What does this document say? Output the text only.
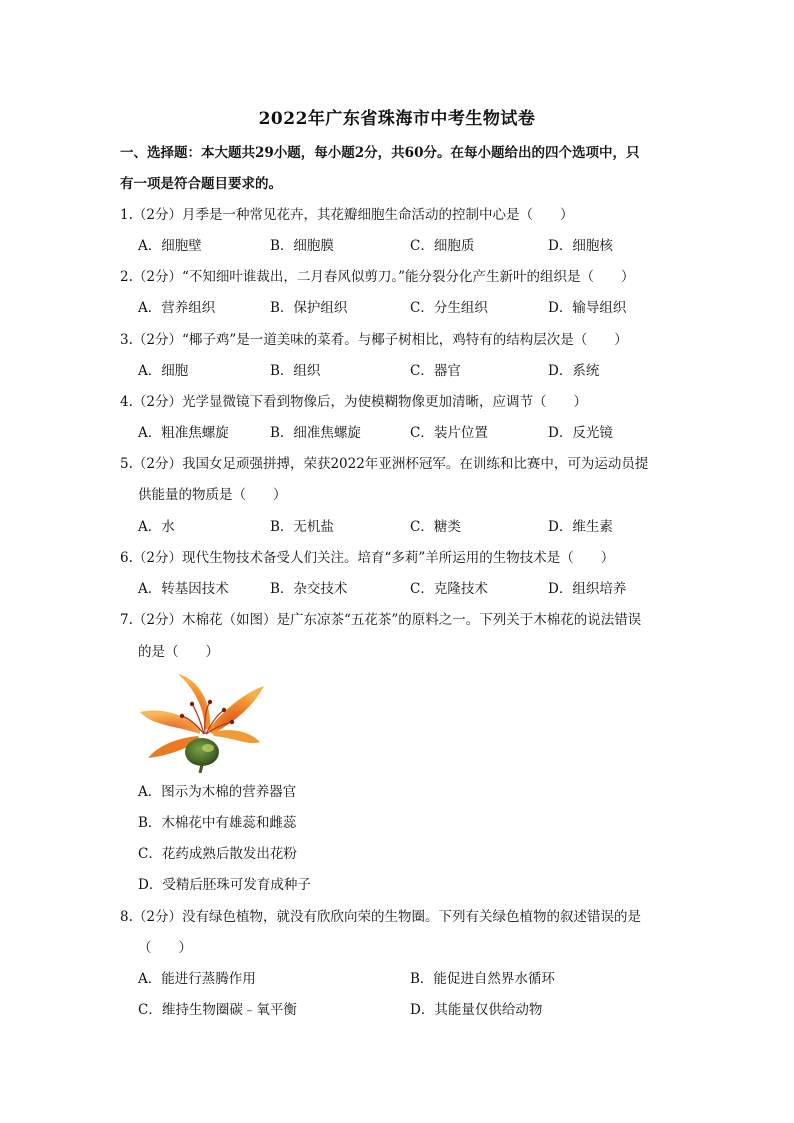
2022年广东省珠海市中考生物试卷
一、选择题：本大题共29小题，每小题2分，共60分。在每小题给出的四个选项中，只
有一项是符合题目要求的。
1.（2分）月季是一种常见花卉，其花瓣细胞生命活动的控制中心是（　　）
A．细胞壁	B．细胞膜	C．细胞质	D．细胞核
2.（2分）“不知细叶谁裁出，二月春风似剪刀。”能分裂分化产生新叶的组织是（　　）
A．营养组织	B．保护组织	C．分生组织	D．输导组织
3.（2分）“椰子鸡”是一道美味的菜肴。与椰子树相比，鸡特有的结构层次是（　　）
A．细胞	B．组织	C．器官	D．系统
4.（2分）光学显微镜下看到物像后，为使模糊物像更加清晰，应调节（　　）
A．粗准焦螺旋	B．细准焦螺旋	C．装片位置	D．反光镜
5.（2分）我国女足顽强拼搏，荣获2022年亚洲杯冠军。在训练和比赛中，可为运动员提
供能量的物质是（　　）
A．水	B．无机盐	C．糖类	D．维生素
6.（2分）现代生物技术备受人们关注。培育“多莉”羊所运用的生物技术是（　　）
A．转基因技术	B．杂交技术	C．克隆技术	D．组织培养
7.（2分）木棉花（如图）是广东凉茶“五花茶”的原料之一。下列关于木棉花的说法错误
的是（　　）
A．图示为木棉的营养器官
B．木棉花中有雄蕊和雌蕊
C．花药成熟后散发出花粉
D．受精后胚珠可发育成种子
8.（2分）没有绿色植物，就没有欣欣向荣的生物圈。下列有关绿色植物的叙述错误的是
（　　）
A．能进行蒸腾作用	B．能促进自然界水循环
C．维持生物圈碳﹣氧平衡	D．其能量仅供给动物
